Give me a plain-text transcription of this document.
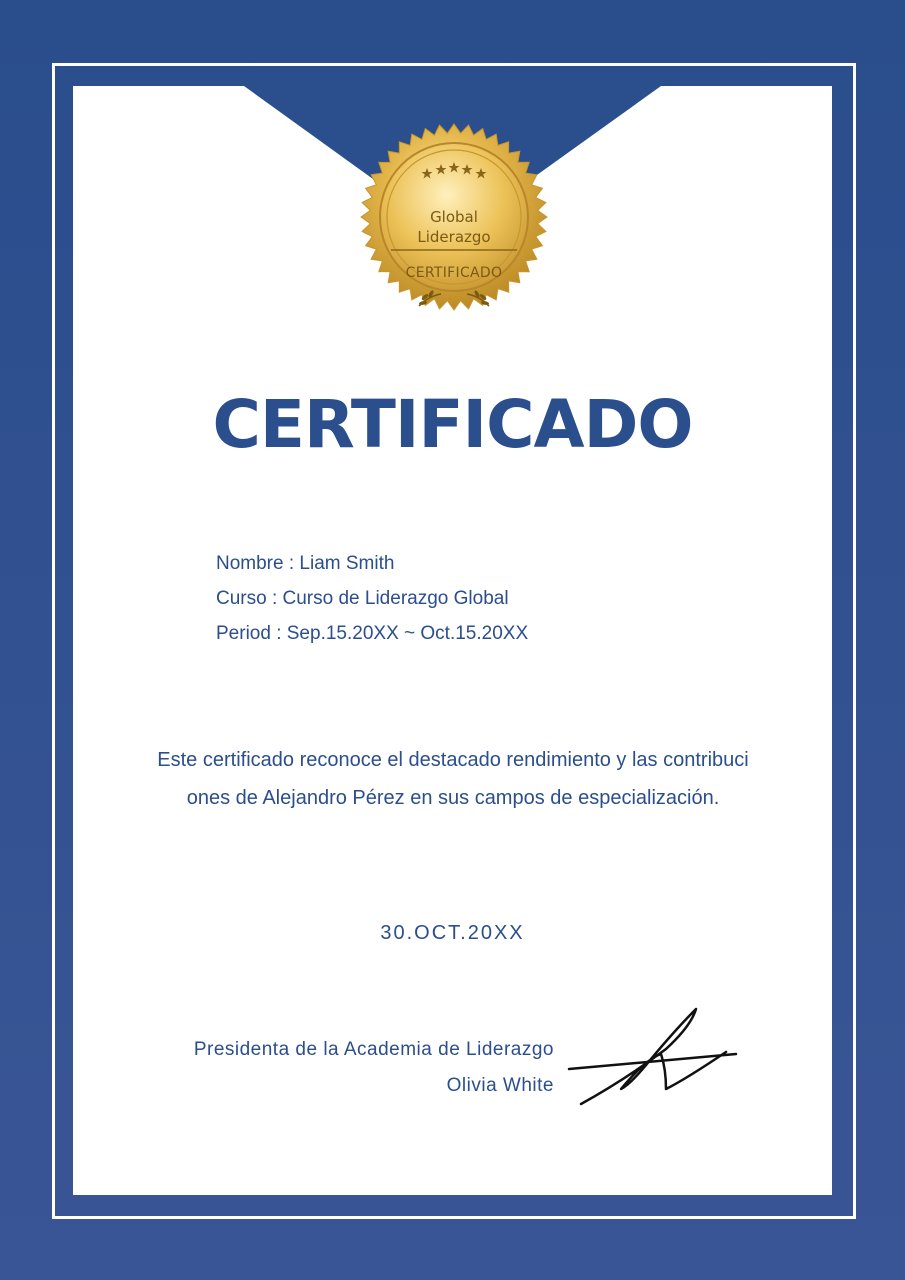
Global
Liderazgo
CERTIFICADO
CERTIFICADO
Nombre : Liam Smith
Curso : Curso de Liderazgo Global
Period : Sep.15.20XX ~ Oct.15.20XX
Este certificado reconoce el destacado rendimiento y las contribuci
ones de Alejandro Pérez en sus campos de especialización.
30.OCT.20XX
Presidenta de la Academia de Liderazgo
Olivia White
